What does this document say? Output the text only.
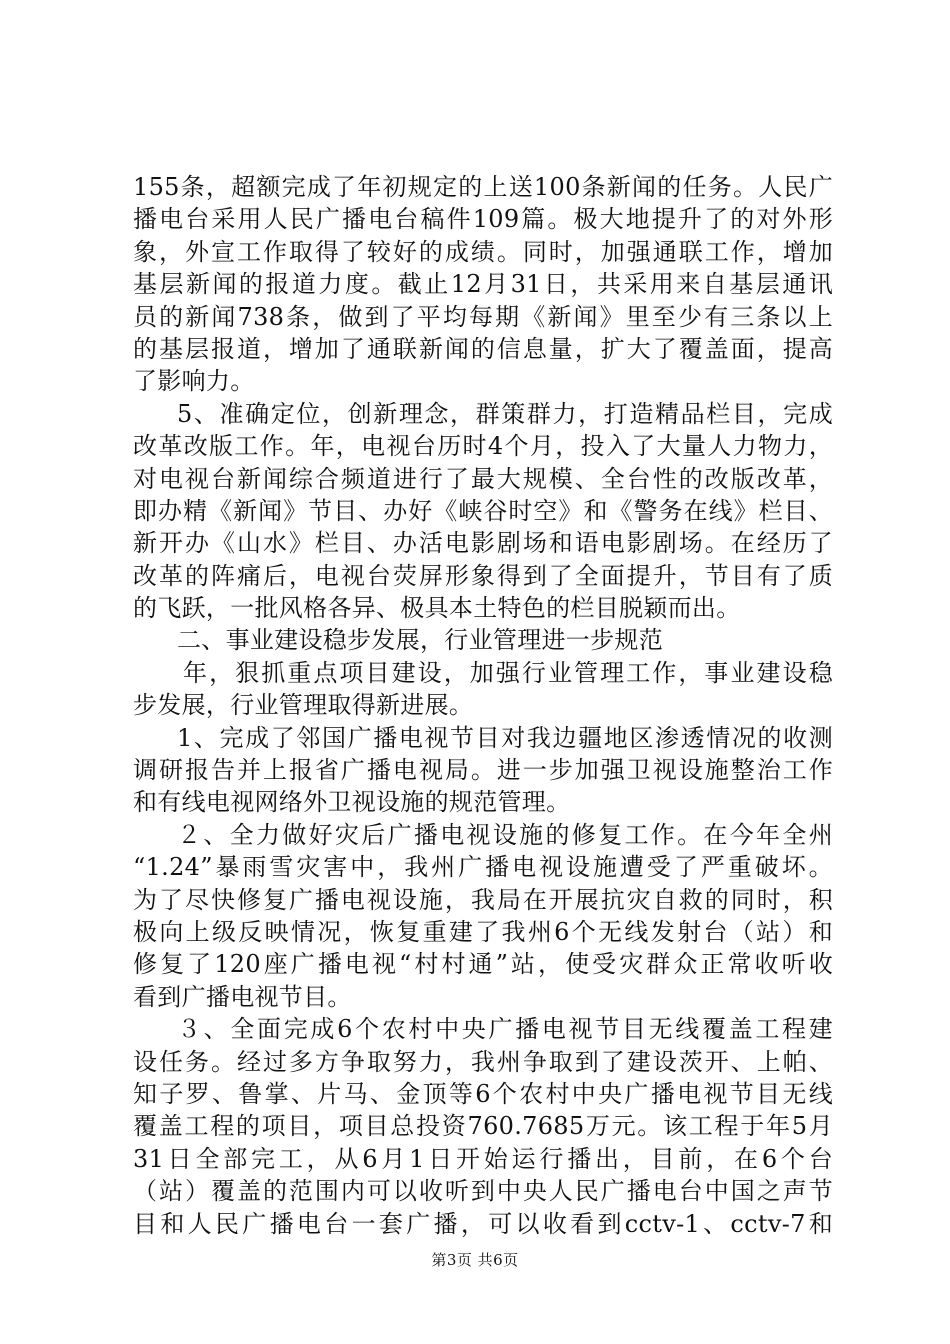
155条，超额完成了年初规定的上送100条新闻的任务。人民广
播电台采用人民广播电台稿件109篇。极大地提升了的对外形
象，外宣工作取得了较好的成绩。同时，加强通联工作，增加
基层新闻的报道力度。截止12月31日，共采用来自基层通讯
员的新闻738条，做到了平均每期《新闻》里至少有三条以上
的基层报道，增加了通联新闻的信息量，扩大了覆盖面，提高
了影响力。
5、准确定位，创新理念，群策群力，打造精品栏目，完成
改革改版工作。年，电视台历时4个月，投入了大量人力物力，
对电视台新闻综合频道进行了最大规模、全台性的改版改革，
即办精《新闻》节目、办好《峡谷时空》和《警务在线》栏目、
新开办《山水》栏目、办活电影剧场和语电影剧场。在经历了
改革的阵痛后，电视台荧屏形象得到了全面提升，节目有了质
的飞跃，一批风格各异、极具本土特色的栏目脱颖而出。
二、事业建设稳步发展，行业管理进一步规范
年，狠抓重点项目建设，加强行业管理工作，事业建设稳
步发展，行业管理取得新进展。
1、完成了邻国广播电视节目对我边疆地区渗透情况的收测
调研报告并上报省广播电视局。进一步加强卫视设施整治工作
和有线电视网络外卫视设施的规范管理。
２、全力做好灾后广播电视设施的修复工作。在今年全州
“1.24”暴雨雪灾害中，我州广播电视设施遭受了严重破坏。
为了尽快修复广播电视设施，我局在开展抗灾自救的同时，积
极向上级反映情况，恢复重建了我州6个无线发射台（站）和
修复了120座广播电视“村村通”站，使受灾群众正常收听收
看到广播电视节目。
３、全面完成6个农村中央广播电视节目无线覆盖工程建
设任务。经过多方争取努力，我州争取到了建设茨开、上帕、
知子罗、鲁掌、片马、金顶等6个农村中央广播电视节目无线
覆盖工程的项目，项目总投资760.7685万元。该工程于年5月
31日全部完工，从6月1日开始运行播出，目前，在6个台
（站）覆盖的范围内可以收听到中央人民广播电台中国之声节
目和人民广播电台一套广播，可以收看到cctv-1、cctv-7和
第3页 共6页
